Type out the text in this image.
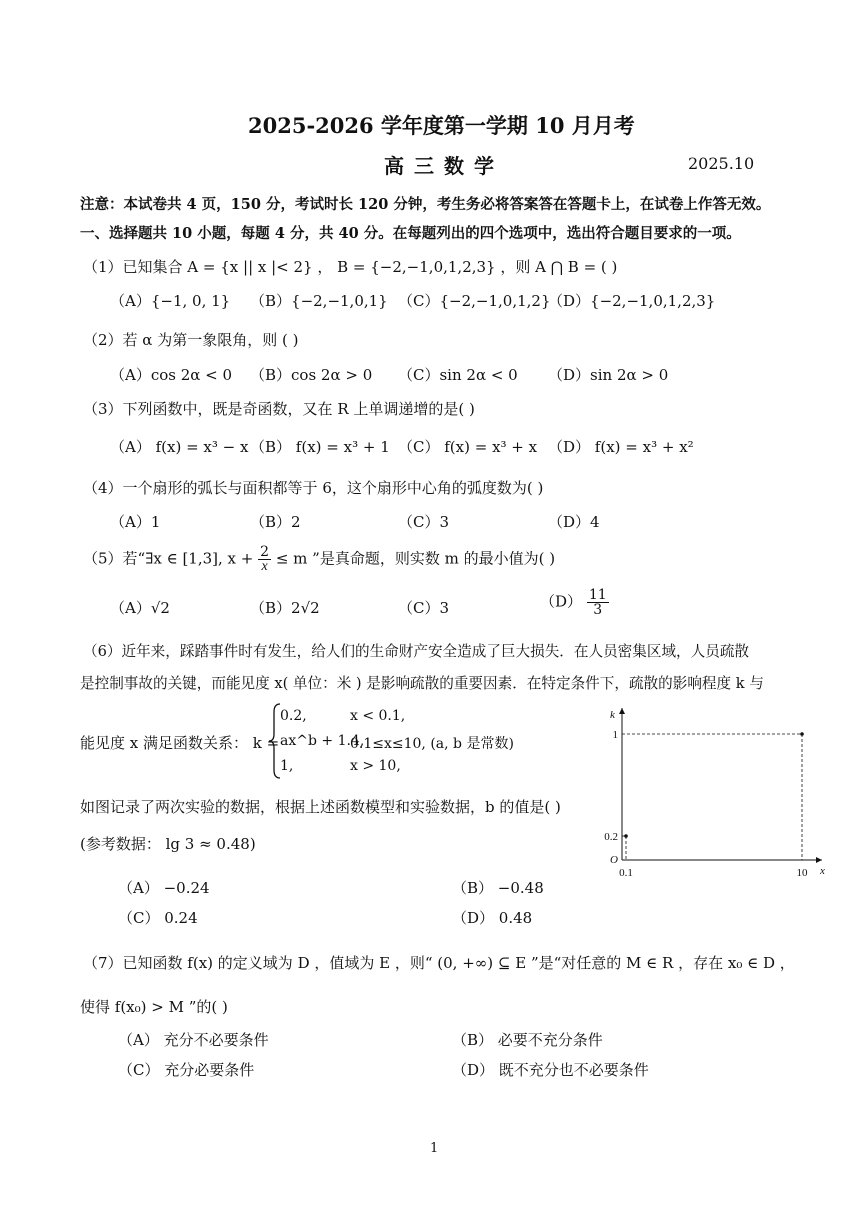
2025-2026 学年度第一学期 10 月月考
高三数学	2025.10
注意：本试卷共 4 页，150 分，考试时长 120 分钟，考生务必将答案答在答题卡上，在试卷上作答无效。
一、选择题共 10 小题，每题 4 分，共 40 分。在每题列出的四个选项中，选出符合题目要求的一项。
（1）已知集合 A = {x || x |< 2} ， B = {−2,−1,0,1,2,3} ，则 A ⋂ B = ( )
（A）{−1, 0, 1} （B）{−2,−1,0,1} （C）{−2,−1,0,1,2}
（D）{−2,−1,0,1,2,3}
（2）若 α 为第一象限角，则 ( )
（A）cos 2α < 0 （B）cos 2α > 0 （C）sin 2α < 0 （D）sin 2α > 0
（3）下列函数中，既是奇函数，又在 R 上单调递增的是( )
（A） f(x) = x³ − x （B） f(x) = x³ + 1 （C） f(x) = x³ + x （D） f(x) = x³ + x²
（4）一个扇形的弧长与面积都等于 6，这个扇形中心角的弧度数为( )
（A）1	（B）2	（C）3	（D）4
（5）若“∃x ∈ [1,3], $x + \frac{2}{x} \le m$ ”是真命题，则实数 m 的最小值为( )
（A）√2	（B）2√2	（C）3	$(D) \frac{11}{3}$
（6）近年来，踩踏事件时有发生，给人们的生命财产安全造成了巨大损失．在人员密集区域，人员疏散
是控制事故的关键，而能见度 x( 单位：米 ) 是影响疏散的重要因素．在特定条件下，疏散的影响程度 k 与
能见度 x 满足函数关系： k =
0.2,	x < 0.1,
ax^b + 1.4,
0.1≤x≤10, (a, b 是常数)
1,	x > 10,
如图记录了两次实验的数据，根据上述函数模型和实验数据，b 的值是( )
(参考数据： lg 3 ≈ 0.48)
x
k
O
0.1	10
0.2
1
（A） −0.24	（B） −0.48
（C） 0.24	（D） 0.48
（7）已知函数 f(x) 的定义域为 D ，值域为 E ，则“ (0, +∞) ⊆ E ”是“对任意的 M ∈ R ，存在 x₀ ∈ D ，
使得 f(x₀) > M ”的( )
（A） 充分不必要条件	（B） 必要不充分条件
（C） 充分必要条件	（D） 既不充分也不必要条件
1
